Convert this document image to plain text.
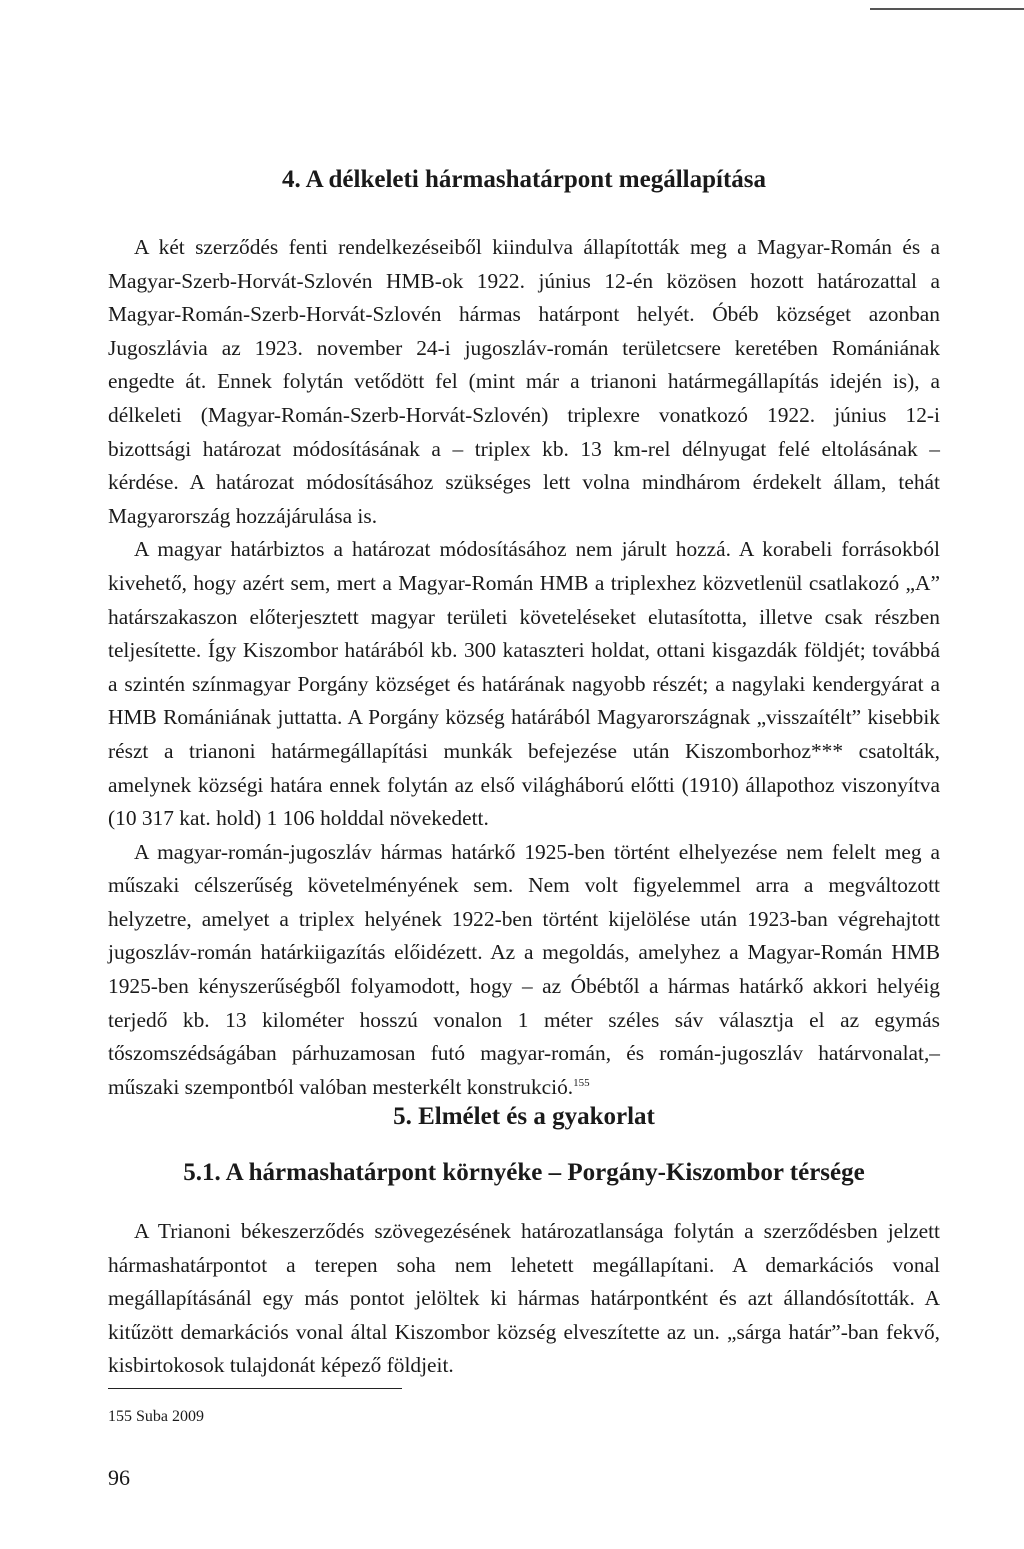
4. A délkeleti hármashatárpont megállapítása

A két szerződés fenti rendelkezéseiből kiindulva állapították meg a Magyar-Román és a Magyar-Szerb-Horvát-Szlovén HMB-ok 1922. június 12-én közösen hozott határozattal a Magyar-Román-Szerb-Horvát-Szlovén hármas határpont helyét. Óbéb községet azonban Jugoszlávia az 1923. november 24-i jugoszláv-román területcsere keretében Romániának engedte át. Ennek folytán vetődött fel (mint már a trianoni határmegállapítás idején is), a délkeleti (Magyar-Román-Szerb-Horvát-Szlovén) triplexre vonatkozó 1922. június 12-i bizottsági határozat módosításának a – triplex kb. 13 km-rel délnyugat felé eltolásának – kérdése. A határozat módosításához szükséges lett volna mindhárom érdekelt állam, tehát Magyarország hozzájárulása is.

A magyar határbiztos a határozat módosításához nem járult hozzá. A korabeli forrásokból kivehető, hogy azért sem, mert a Magyar-Román HMB a triplexhez közvetlenül csatlakozó „A” határszakaszon előterjesztett magyar területi követeléseket elutasította, illetve csak részben teljesítette. Így Kiszombor határából kb. 300 kataszteri holdat, ottani kisgazdák földjét; továbbá a szintén színmagyar Porgány községet és határának nagyobb részét; a nagylaki kendergyárat a HMB Romániának juttatta. A Porgány község határából Magyarországnak „visszaítélt” kisebbik részt a trianoni határmegállapítási munkák befejezése után Kiszomborhoz*** csatolták, amelynek községi határa ennek folytán az első világháború előtti (1910) állapothoz viszonyítva (10 317 kat. hold) 1 106 holddal növekedett.

A magyar-román-jugoszláv hármas határkő 1925-ben történt elhelyezése nem felelt meg a műszaki célszerűség követelményének sem. Nem volt figyelemmel arra a megváltozott helyzetre, amelyet a triplex helyének 1922-ben történt kijelölése után 1923-ban végrehajtott jugoszláv-román határkiigazítás előidézett. Az a megoldás, amelyhez a Magyar-Román HMB 1925-ben kényszerűségből folyamodott, hogy – az Óbébtől a hármas határkő akkori helyéig terjedő kb. 13 kilométer hosszú vonalon 1 méter széles sáv választja el az egymás tőszomszédságában párhuzamosan futó magyar-román, és román-jugoszláv határvonalat,– műszaki szempontból valóban mesterkélt konstrukció.$^{155}$

5. Elmélet és a gyakorlat
5.1. A hármashatárpont környéke – Porgány-Kiszombor térsége

A Trianoni békeszerződés szövegezésének határozatlansága folytán a szerződésben jelzett hármashatárpontot a terepen soha nem lehetett megállapítani. A demarkációs vonal megállapításánál egy más pontot jelöltek ki hármas határpontként és azt állandósították. A kitűzött demarkációs vonal által Kiszombor község elveszítette az un. „sárga határ”-ban fekvő, kisbirtokosok tulajdonát képező földjeit.

155 Suba 2009
96
